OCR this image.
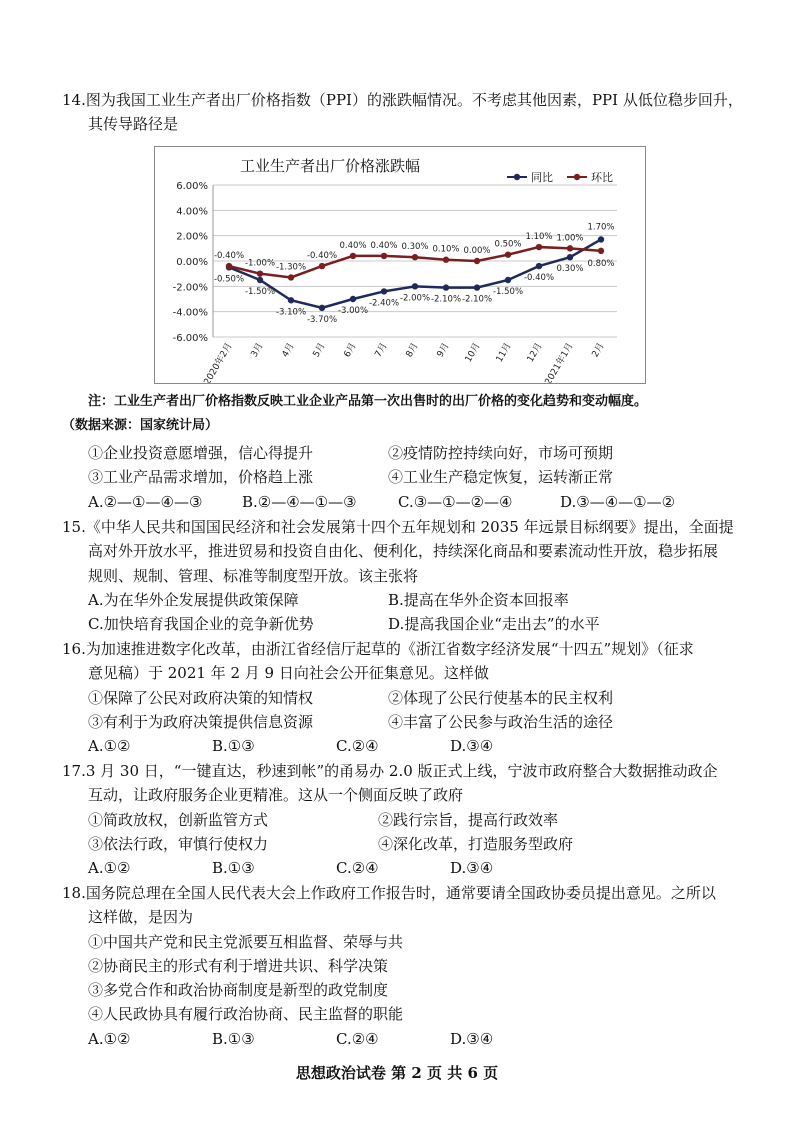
14.图为我国工业生产者出厂价格指数（PPI）的涨跌幅情况。不考虑其他因素，PPI 从低位稳步回升，
其传导路径是
工业生产者出厂价格涨跌幅
同比	环比
6.00%
4.00%
2.00%
0.00%
-2.00%
-4.00%
-6.00%
2020年2月 3月 4月 5月 6月 7月 8月 9月 10月 11月 12月 2021年1月 2月
-0.50%
-1.50%
-3.10%
-3.70%
-3.00%
-2.40%
-2.00% -2.10% -2.10%
-1.50%
-0.40%
0.30%
1.70%
-0.40%
-1.00% -1.30%
-0.40%
0.40% 0.40% 0.30% 0.10% 0.00%
0.50%
1.10% 1.00%
0.80%
注：工业生产者出厂价格指数反映工业企业产品第一次出售时的出厂价格的变化趋势和变动幅度。
（数据来源：国家统计局）
①企业投资意愿增强，信心得提升	②疫情防控持续向好，市场可预期
③工业产品需求增加，价格趋上涨	④工业生产稳定恢复，运转渐正常
A.②—①—④—③	B.②—④—①—③	C.③—①—②—④	D.③—④—①—②
15.《中华人民共和国国民经济和社会发展第十四个五年规划和 2035 年远景目标纲要》提出，全面提
高对外开放水平，推进贸易和投资自由化、便利化，持续深化商品和要素流动性开放，稳步拓展
规则、规制、管理、标准等制度型开放。该主张将
A.为在华外企发展提供政策保障	B.提高在华外企资本回报率
C.加快培育我国企业的竞争新优势	D.提高我国企业“走出去”的水平
16.为加速推进数字化改革，由浙江省经信厅起草的《浙江省数字经济发展“十四五”规划》（征求
意见稿）于 2021 年 2 月 9 日向社会公开征集意见。这样做
①保障了公民对政府决策的知情权	②体现了公民行使基本的民主权利
③有利于为政府决策提供信息资源	④丰富了公民参与政治生活的途径
A.①②	B.①③	C.②④	D.③④
17.3 月 30 日，“一键直达，秒速到帐”的甬易办 2.0 版正式上线，宁波市政府整合大数据推动政企
互动，让政府服务企业更精准。这从一个侧面反映了政府
①简政放权，创新监管方式	②践行宗旨，提高行政效率
③依法行政，审慎行使权力	④深化改革，打造服务型政府
A.①②	B.①③	C.②④	D.③④
18.国务院总理在全国人民代表大会上作政府工作报告时，通常要请全国政协委员提出意见。之所以
这样做，是因为
①中国共产党和民主党派要互相监督、荣辱与共
②协商民主的形式有利于增进共识、科学决策
③多党合作和政治协商制度是新型的政党制度
④人民政协具有履行政治协商、民主监督的职能
A.①②	B.①③	C.②④	D.③④
思想政治试卷 第 2 页 共 6 页
